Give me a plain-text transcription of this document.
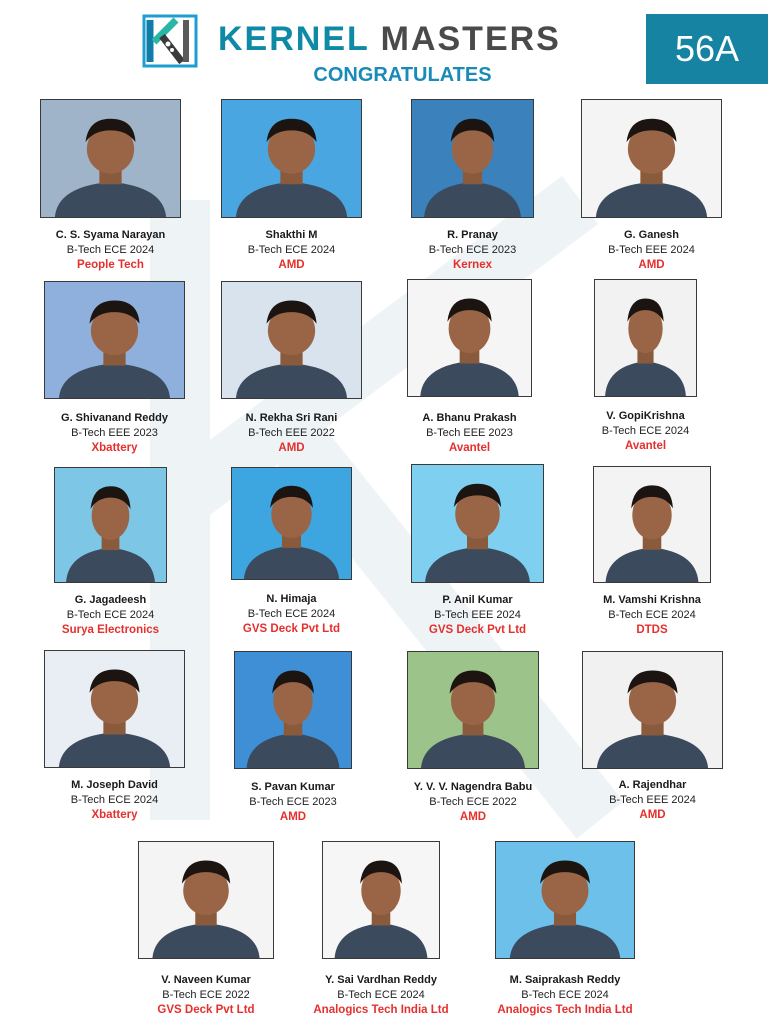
KERNEL MASTERS
CONGRATULATES
56A
C. S. Syama Narayan
B-Tech ECE 2024
People Tech
Shakthi M
B-Tech ECE 2024
AMD
R. Pranay
B-Tech ECE 2023
Kernex
G. Ganesh
B-Tech EEE 2024
AMD
G. Shivanand Reddy
B-Tech EEE 2023
Xbattery
N. Rekha Sri Rani
B-Tech EEE 2022
AMD
A. Bhanu Prakash
B-Tech EEE 2023
Avantel
V. GopiKrishna
B-Tech ECE 2024
Avantel
G. Jagadeesh
B-Tech ECE 2024
Surya Electronics
N. Himaja
B-Tech ECE 2024
GVS Deck Pvt Ltd
P. Anil Kumar
B-Tech EEE 2024
GVS Deck Pvt Ltd
M. Vamshi Krishna
B-Tech ECE 2024
DTDS
M. Joseph David
B-Tech ECE 2024
Xbattery
S. Pavan Kumar
B-Tech ECE 2023
AMD
Y. V. V. Nagendra Babu
B-Tech ECE 2022
AMD
A. Rajendhar
B-Tech EEE 2024
AMD
V. Naveen Kumar
B-Tech ECE 2022
GVS Deck Pvt Ltd
Y. Sai Vardhan Reddy
B-Tech ECE 2024
Analogics Tech India Ltd
M. Saiprakash Reddy
B-Tech ECE 2024
Analogics Tech India Ltd
